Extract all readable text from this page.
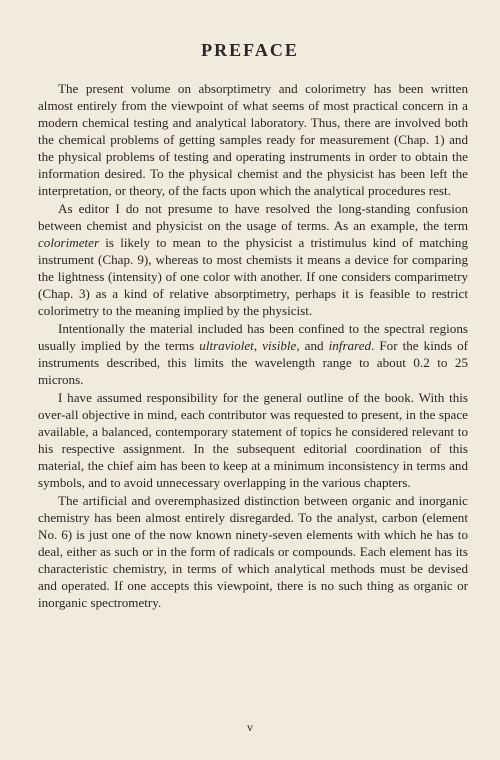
PREFACE

The present volume on absorptimetry and colorimetry has been written almost entirely from the viewpoint of what seems of most practical concern in a modern chemical testing and analytical laboratory. Thus, there are involved both the chemical problems of getting samples ready for measurement (Chap. 1) and the physical problems of testing and operating instruments in order to obtain the information desired. To the physical chemist and the physicist has been left the interpretation, or theory, of the facts upon which the analytical procedures rest.

As editor I do not presume to have resolved the long-standing confusion between chemist and physicist on the usage of terms. As an example, the term colorimeter is likely to mean to the physicist a tristimulus kind of matching instrument (Chap. 9), whereas to most chemists it means a device for comparing the lightness (intensity) of one color with another. If one considers comparimetry (Chap. 3) as a kind of relative absorptimetry, perhaps it is feasible to restrict colorimetry to the meaning implied by the physicist.

Intentionally the material included has been confined to the spectral regions usually implied by the terms ultraviolet, visible, and infrared. For the kinds of instruments described, this limits the wavelength range to about 0.2 to 25 microns.

I have assumed responsibility for the general outline of the book. With this over-all objective in mind, each contributor was requested to present, in the space available, a balanced, contemporary statement of topics he considered relevant to his respective assignment. In the subsequent editorial coordination of this material, the chief aim has been to keep at a minimum inconsistency in terms and symbols, and to avoid unnecessary overlapping in the various chapters.

The artificial and overemphasized distinction between organic and inorganic chemistry has been almost entirely disregarded. To the analyst, carbon (element No. 6) is just one of the now known ninety-seven elements with which he has to deal, either as such or in the form of radicals or compounds. Each element has its characteristic chemistry, in terms of which analytical methods must be devised and operated. If one accepts this viewpoint, there is no such thing as organic or inorganic spectrometry.

v
